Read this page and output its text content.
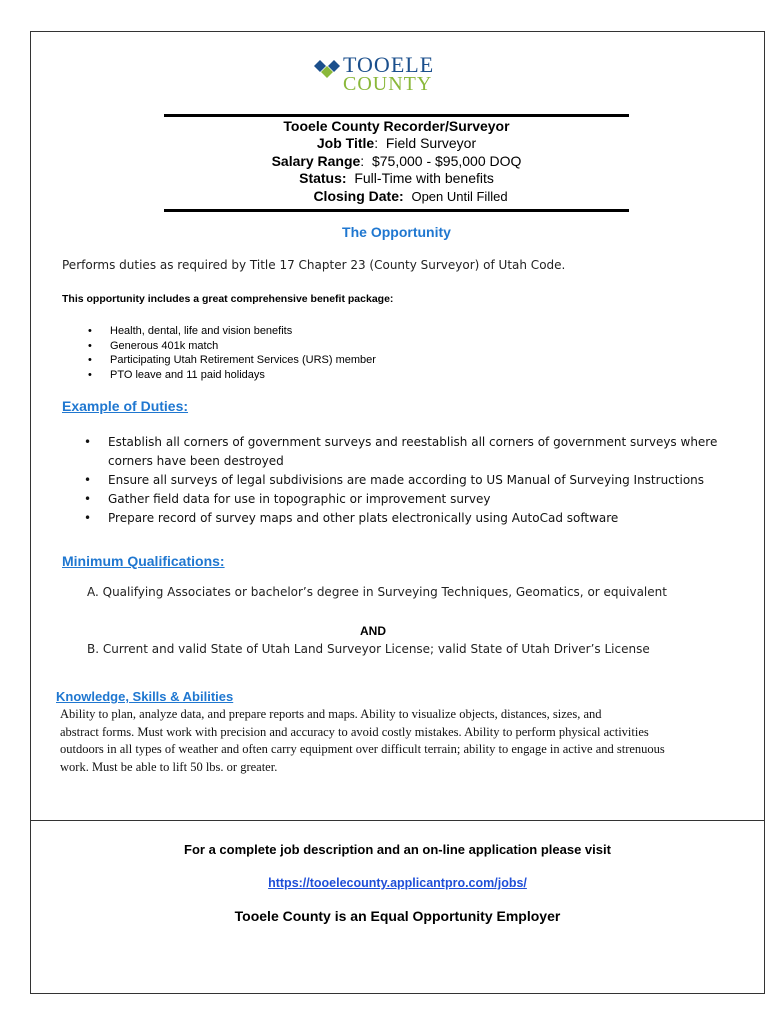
TOOELE
COUNTY
Tooele County Recorder/Surveyor
Job Title:  Field Surveyor
Salary Range:  $75,000 - $95,000 DOQ
Status: Full-Time with benefits
Closing Date: Open Until Filled
The Opportunity
Performs duties as required by Title 17 Chapter 23 (County Surveyor) of Utah Code.
This opportunity includes a great comprehensive benefit package:
• Health, dental, life and vision benefits
• Generous 401k match
• Participating Utah Retirement Services (URS) member
• PTO leave and 11 paid holidays
Example of Duties:
• Establish all corners of government surveys and reestablish all corners of government surveys where corners have been destroyed
• Ensure all surveys of legal subdivisions are made according to US Manual of Surveying Instructions
• Gather field data for use in topographic or improvement survey
• Prepare record of survey maps and other plats electronically using AutoCad software
Minimum Qualifications:
A. Qualifying Associates or bachelor’s degree in Surveying Techniques, Geomatics, or equivalent
AND
B. Current and valid State of Utah Land Surveyor License; valid State of Utah Driver’s License
Knowledge, Skills & Abilities
Ability to plan, analyze data, and prepare reports and maps. Ability to visualize objects, distances, sizes, and
abstract forms. Must work with precision and accuracy to avoid costly mistakes. Ability to perform physical activities
outdoors in all types of weather and often carry equipment over difficult terrain; ability to engage in active and strenuous
work. Must be able to lift 50 lbs. or greater.
For a complete job description and an on-line application please visit
https://tooelecounty.applicantpro.com/jobs/
Tooele County is an Equal Opportunity Employer
